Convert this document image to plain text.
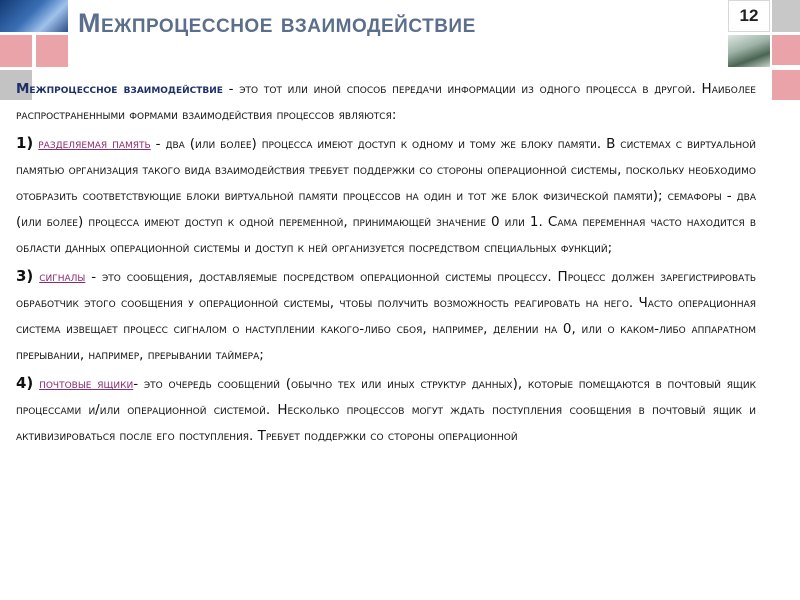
Межпроцессное взаимодействие	12

Межпроцессное взаимодействие - это тот или иной способ передачи информации из одного процесса в другой. Наиболее распространенными формами взаимодействия процессов являются:

1) разделяемая память - два (или более) процесса имеют доступ к одному и тому же блоку памяти. В системах с виртуальной памятью организация такого вида взаимодействия требует поддержки со стороны операционной системы, поскольку необходимо отобразить соответствующие блоки виртуальной памяти процессов на один и тот же блок физической памяти); семафоры - два (или более) процесса имеют доступ к одной переменной, принимающей значение 0 или 1. Сама переменная часто находится в области данных операционной системы и доступ к ней организуется посредством специальных функций;

3) сигналы - это сообщения, доставляемые посредством операционной системы процессу. Процесс должен зарегистрировать обработчик этого сообщения у операционной системы, чтобы получить возможность реагировать на него. Часто операционная система извещает процесс сигналом о наступлении какого-либо сбоя, например, делении на 0, или о каком-либо аппаратном прерывании, например, прерывании таймера;

4) почтовые ящики- это очередь сообщений (обычно тех или иных структур данных), которые помещаются в почтовый ящик процессами и/или операционной системой. Несколько процессов могут ждать поступления сообщения в почтовый ящик и активизироваться после его поступления. Требует поддержки со стороны операционной
